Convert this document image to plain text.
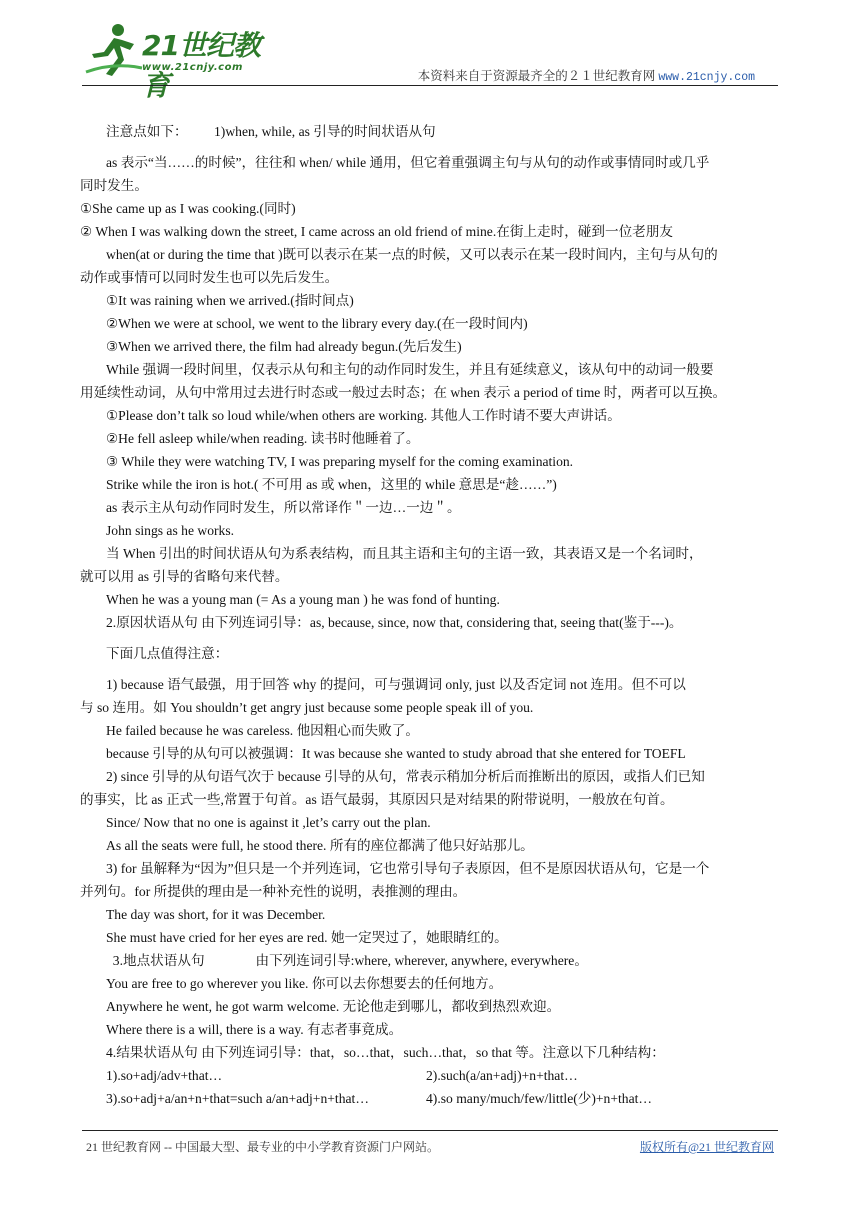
21世纪教育
www.21cnjy.com
本资料来自于资源最齐全的２１世纪教育网 www.21cnjy.com

注意点如下： 1)when, while, as 引导的时间状语从句

as 表示“当……的时候”，往往和 when/ while 通用，但它着重强调主句与从句的动作或事情同时或几乎

同时发生。

①She came up as I was cooking.(同时)

② When I was walking down the street, I came across an old friend of mine.在街上走时，碰到一位老朋友

when(at or during the time that )既可以表示在某一点的时候，又可以表示在某一段时间内，主句与从句的

动作或事情可以同时发生也可以先后发生。

①It was raining when we arrived.(指时间点)

②When we were at school, we went to the library every day.(在一段时间内)

③When we arrived there, the film had already begun.(先后发生)

While 强调一段时间里，仅表示从句和主句的动作同时发生，并且有延续意义，该从句中的动词一般要

用延续性动词，从句中常用过去进行时态或一般过去时态；在 when 表示 a period of time 时，两者可以互换。

①Please don’t talk so loud while/when others are working. 其他人工作时请不要大声讲话。

②He fell asleep while/when reading. 读书时他睡着了。

③ While they were watching TV, I was preparing myself for the coming examination.

Strike while the iron is hot.( 不可用 as 或 when，这里的 while 意思是“趁……”)

as 表示主从句动作同时发生，所以常译作＂一边…一边＂。

John sings as he works.

当 When 引出的时间状语从句为系表结构，而且其主语和主句的主语一致，其表语又是一个名词时，

就可以用 as 引导的省略句来代替。

When he was a young man (= As a young man ) he was fond of hunting.

2.原因状语从句 由下列连词引导：as, because, since, now that, considering that, seeing that(鉴于---)。

下面几点值得注意：

1) because 语气最强，用于回答 why 的提问，可与强调词 only, just 以及否定词 not 连用。但不可以

与 so 连用。如 You shouldn’t get angry just because some people speak ill of you.

He failed because he was careless. 他因粗心而失败了。

because 引导的从句可以被强调：It was because she wanted to study abroad that she entered for TOEFL

2) since 引导的从句语气次于 because 引导的从句，常表示稍加分析后而推断出的原因，或指人们已知

的事实，比 as 正式一些,常置于句首。as 语气最弱，其原因只是对结果的附带说明，一般放在句首。

Since/ Now that no one is against it ,let’s carry out the plan.

As all the seats were full, he stood there. 所有的座位都满了他只好站那儿。

3) for 虽解释为“因为”但只是一个并列连词，它也常引导句子表原因，但不是原因状语从句，它是一个

并列句。for 所提供的理由是一种补充性的说明，表推测的理由。

The day was short, for it was December.

She must have cried for her eyes are red. 她一定哭过了，她眼睛红的。

3.地点状语从句               由下列连词引导:where, wherever, anywhere, everywhere。

You are free to go wherever you like. 你可以去你想要去的任何地方。

Anywhere he went, he got warm welcome. 无论他走到哪儿，都收到热烈欢迎。

Where there is a will, there is a way. 有志者事竟成。

4.结果状语从句 由下列连词引导：that，so…that，such…that，so that 等。注意以下几种结构：

1).so+adj/adv+that…	2).such(a/an+adj)+n+that…

3).so+adj+a/an+n+that=such a/an+adj+n+that…	4).so many/much/few/little(少)+n+that…

21 世纪教育网 -- 中国最大型、最专业的中小学教育资源门户网站。	版权所有@21 世纪教育网
